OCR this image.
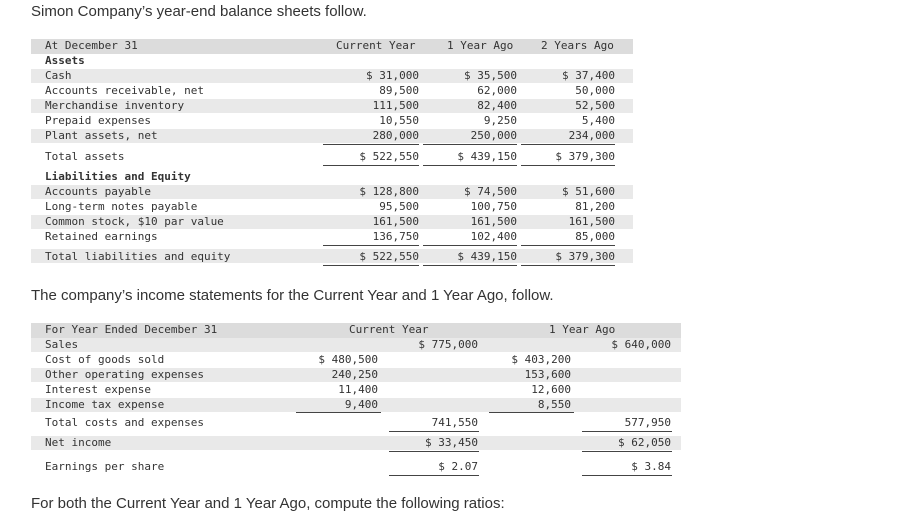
Simon Company’s year-end balance sheets follow.
At December 31	Current Year	1 Year Ago	2 Years Ago
Assets
Cash	$ 31,000	$ 35,500	$ 37,400
Accounts receivable, net	89,500	62,000	50,000
Merchandise inventory	111,500	82,400	52,500
Prepaid expenses	10,550	9,250	5,400
Plant assets, net	280,000	250,000	234,000
Total assets	$ 522,550	$ 439,150	$ 379,300
Liabilities and Equity
Accounts payable	$ 128,800	$ 74,500	$ 51,600
Long-term notes payable	95,500	100,750	81,200
Common stock, $10 par value	161,500	161,500	161,500
Retained earnings	136,750	102,400	85,000
Total liabilities and equity	$ 522,550	$ 439,150	$ 379,300
The company’s income statements for the Current Year and 1 Year Ago, follow.
For Year Ended December 31	Current Year	1 Year Ago
Sales	$ 775,000	$ 640,000
Cost of goods sold	$ 480,500	$ 403,200
Other operating expenses	240,250	153,600
Interest expense	11,400	12,600
Income tax expense	9,400	8,550
Total costs and expenses	741,550	577,950
Net income	$ 33,450	$ 62,050
Earnings per share	$ 2.07	$ 3.84
For both the Current Year and 1 Year Ago, compute the following ratios:
